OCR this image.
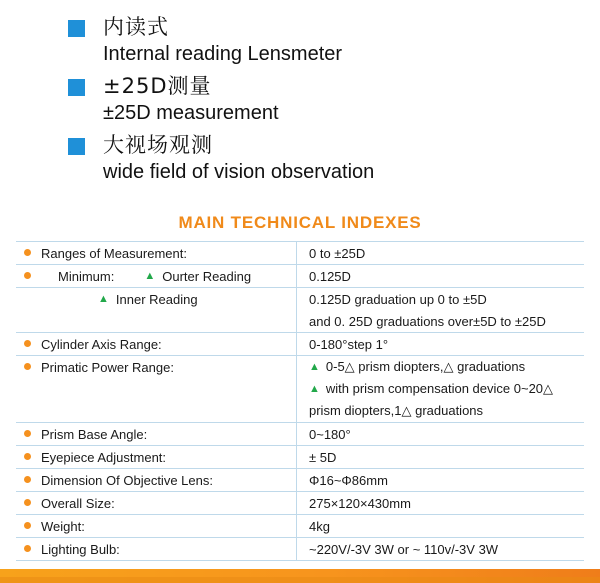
内读式
Internal reading Lensmeter
±25D测量
±25D measurement
大视场观测
wide field of vision observation
MAIN TECHNICAL INDEXES
Ranges of Measurement:	0 to ±25D
Minimum: ▲ Ourter Reading	0.125D
▲ Inner Reading	0.125D graduation up 0 to ±5D
	and 0. 25D graduations over±5D to ±25D
Cylinder Axis Range:	0-180°step 1°
Primatic Power Range:	▲ 0-5△ prism diopters,△ graduations
	▲ with prism compensation device 0~20△
	prism diopters,1△ graduations
Prism Base Angle:	0~180°
Eyepiece Adjustment:	± 5D
Dimension Of Objective Lens:	Φ16~Φ86mm
Overall Size:	275×120×430mm
Weight:	4kg
Lighting Bulb:	~220V/-3V 3W or ~ 110v/-3V 3W
